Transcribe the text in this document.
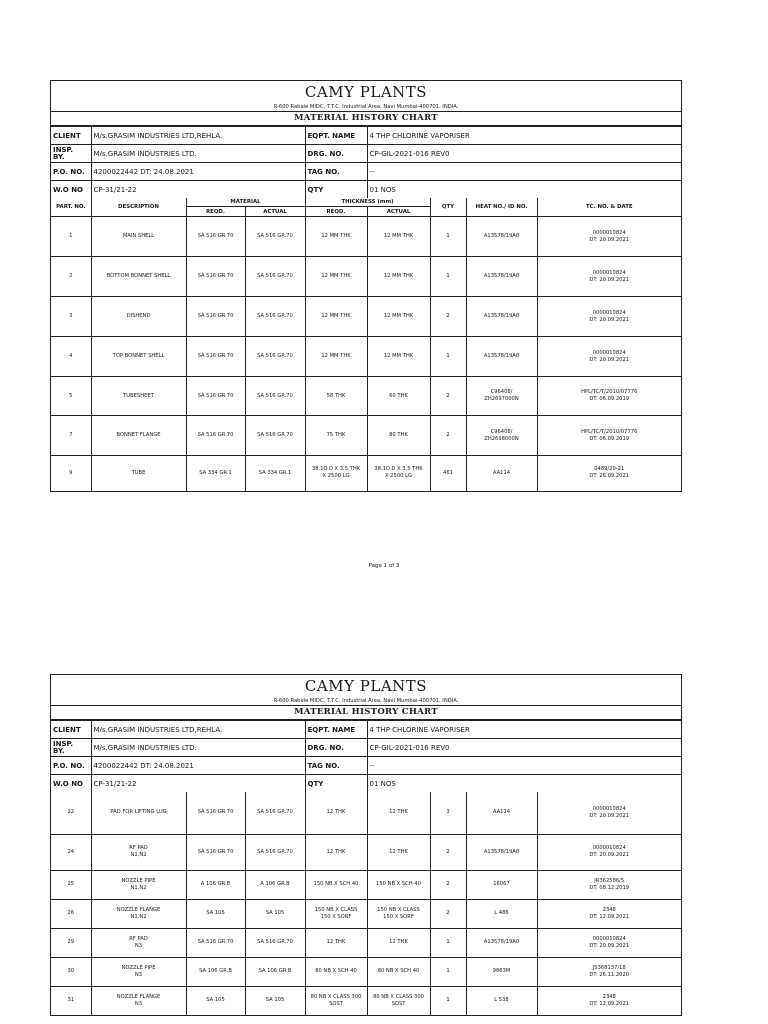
CAMY PLANTS
R-600 Rabale MIDC, T.T.C. Industrial Area, Navi Mumbai-400701. INDIA.
MATERIAL HISTORY CHART
CLIENT	M/s.GRASIM INDUSTRIES LTD,REHLA.	EQPT. NAME	4 THP CHLORINE VAPORISER
INSP.
BY.	M/s.GRASIM INDUSTRIES LTD.	DRG. NO.	CP-GIL-2021-016 REV0
P.O. NO.	4200022442 DT: 24.08.2021	TAG NO.	--
W.O NO	CP-31/21-22	QTY	01 NOS
PART. NO.	DESCRIPTION	MATERIAL		THICKNESS (mm)		QTY	HEAT NO./ ID NO.	TC. NO. & DATE
		REQD.	ACTUAL	REQD.	ACTUAL			
1	MAIN SHELL	SA 516 GR.70	SA 516 GR.70	12 MM THK	12 MM THK	1	A13578/19A0	0000010824
DT: 20.09.2021
2	BOTTOM BONNET SHELL	SA 516 GR.70	SA 516 GR.70	12 MM THK	12 MM THK	1	A13578/19A0	0000010824
DT: 20.09.2021
3	DISHEND	SA 516 GR.70	SA 516 GR.70	12 MM THK	12 MM THK	2	A13578/19A0	0000010824
DT: 20.09.2021
4	TOP BONNET SHELL	SA 516 GR.70	SA 516 GR.70	12 MM THK	12 MM THK	1	A13578/19A0	0000010824
DT: 20.09.2021
5	TUBESHEET	SA 516 GR.70	SA 516 GR.70	58 THK	60 THK	2	C96408/
ZH2697000N	HPL/TC/T/2010/07776
DT: 06.09.2019
7	BONNET FLANGE	SA 516 GR.70	SA 516 GR.70	75 THK	80 THK	2	C96408/
ZH2698000N	HPL/TC/T/2010/07776
DT: 06.09.2019
9	TUBE	SA 334 GR.1	SA 334 GR.1	38.1O.D X 3.5 THK
X 2500 LG	38.1O.D X 3.5 THK
X 2500 LG	461	AA114	0489/20-21
DT: 26.09.2021
Page 1 of 3
CAMY PLANTS
R-600 Rabale MIDC, T.T.C. Industrial Area, Navi Mumbai-400701. INDIA.
MATERIAL HISTORY CHART
CLIENT	M/s.GRASIM INDUSTRIES LTD,REHLA.	EQPT. NAME	4 THP CHLORINE VAPORISER
INSP.
BY.	M/s.GRASIM INDUSTRIES LTD.	DRG. NO.	CP-GIL-2021-016 REV0
P.O. NO.	4200022442 DT: 24.08.2021	TAG NO.	--
W.O NO	CP-31/21-22	QTY	01 NOS
22	PAD FOR LIFTING LUG	SA 516 GR.70	SA 516 GR.70	12 THK	12 THK	3	AA114	0000010824
DT: 20.09.2021
24	RF PAD
N1,N2	SA 516 GR.70	SA 516 GR.70	12 THK	12 THK	2	A13578/19A0	0000010824
DT: 20.09.2021
25	NOZZLE PIPE
N1,N2	A 106 GR.B	A 106 GR.B	150 NB X SCH 40	150 NB X SCH 40	2	16067	JR362586/5
DT: 08.12.2019
26	NOZZLE FLANGE
N1,N2	SA 105	SA 105	150 NB X CLASS
150 X SORF	150 NB X CLASS
150 X SORF	2	L 486	2348
DT: 12.09.2021
29	RF PAD
N3	SA 516 GR.70	SA 516 GR.70	12 THK	12 THK	1	A13578/19A0	0000010824
DT: 20.09.2021
30	NOZZLE PIPE
N3	SA 106 GR.B	SA 106 GR.B	80 NB X SCH 40	80 NB X SCH 40	1	9863M	JS368137/18
DT: 26.11.2020
31	NOZZLE FLANGE
N3	SA 105	SA 105	80 NB X CLASS 300
SOST	80 NB X CLASS 300
SOST	1	L 538	2348
DT: 12.09.2021
